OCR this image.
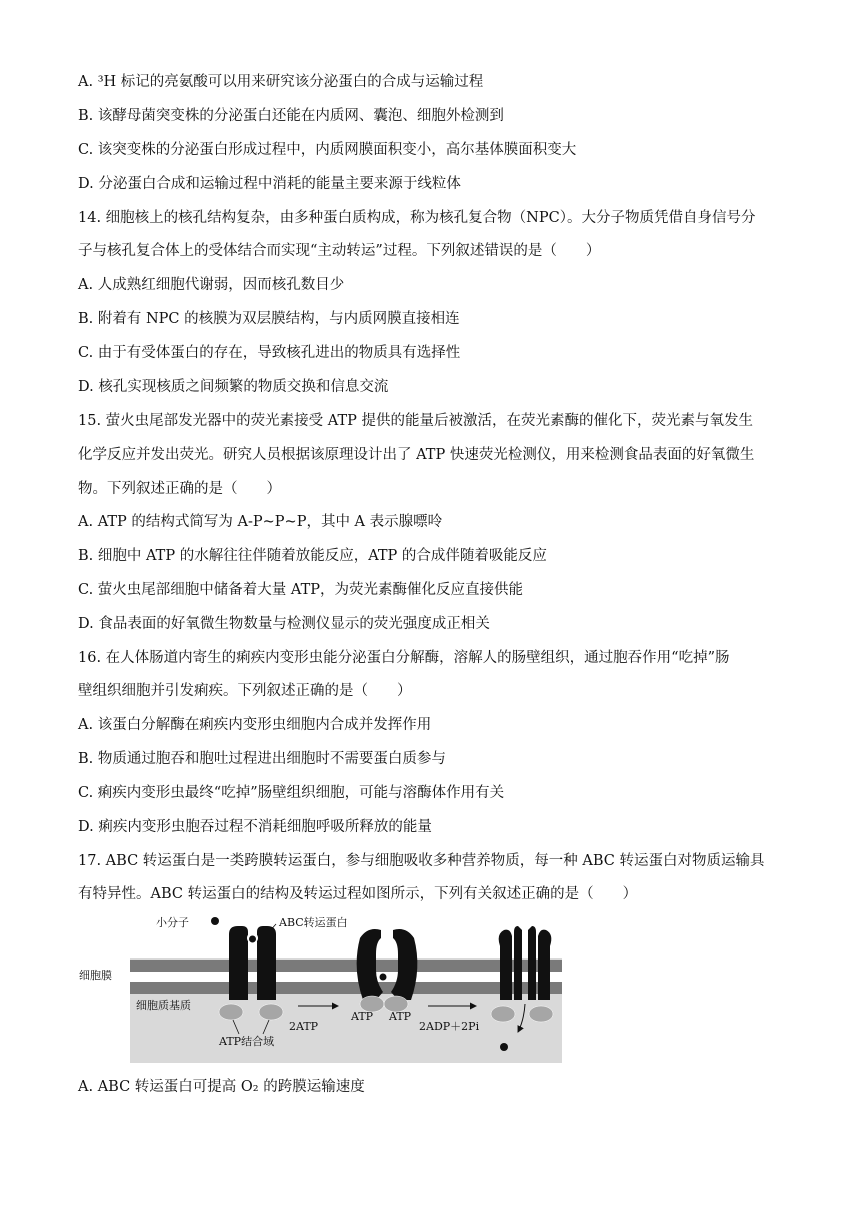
A. ³H 标记的亮氨酸可以用来研究该分泌蛋白的合成与运输过程
B. 该酵母菌突变株的分泌蛋白还能在内质网、囊泡、细胞外检测到
C. 该突变株的分泌蛋白形成过程中，内质网膜面积变小，高尔基体膜面积变大
D. 分泌蛋白合成和运输过程中消耗的能量主要来源于线粒体
14. 细胞核上的核孔结构复杂，由多种蛋白质构成，称为核孔复合物（NPC）。大分子物质凭借自身信号分
子与核孔复合体上的受体结合而实现“主动转运”过程。下列叙述错误的是（　　）
A. 人成熟红细胞代谢弱，因而核孔数目少
B. 附着有 NPC 的核膜为双层膜结构，与内质网膜直接相连
C. 由于有受体蛋白的存在，导致核孔进出的物质具有选择性
D. 核孔实现核质之间频繁的物质交换和信息交流
15. 萤火虫尾部发光器中的荧光素接受 ATP 提供的能量后被激活，在荧光素酶的催化下，荧光素与氧发生
化学反应并发出荧光。研究人员根据该原理设计出了 ATP 快速荧光检测仪，用来检测食品表面的好氧微生
物。下列叙述正确的是（　　）
A. ATP 的结构式简写为 A-P~P~P，其中 A 表示腺嘌呤
B. 细胞中 ATP 的水解往往伴随着放能反应，ATP 的合成伴随着吸能反应
C. 萤火虫尾部细胞中储备着大量 ATP，为荧光素酶催化反应直接供能
D. 食品表面的好氧微生物数量与检测仪显示的荧光强度成正相关
16. 在人体肠道内寄生的痢疾内变形虫能分泌蛋白分解酶，溶解人的肠壁组织，通过胞吞作用“吃掉”肠
壁组织细胞并引发痢疾。下列叙述正确的是（　　）
A. 该蛋白分解酶在痢疾内变形虫细胞内合成并发挥作用
B. 物质通过胞吞和胞吐过程进出细胞时不需要蛋白质参与
C. 痢疾内变形虫最终“吃掉”肠壁组织细胞，可能与溶酶体作用有关
D. 痢疾内变形虫胞吞过程不消耗细胞呼吸所释放的能量
17. ABC 转运蛋白是一类跨膜转运蛋白，参与细胞吸收多种营养物质，每一种 ABC 转运蛋白对物质运输具
有特异性。ABC 转运蛋白的结构及转运过程如图所示，下列有关叙述正确的是（　　）
小分子	ABC转运蛋白
细胞膜
细胞质基质
ATP结合域
2ATP
ATP ATP
2ADP＋2Pi
A. ABC 转运蛋白可提高 O₂ 的跨膜运输速度
